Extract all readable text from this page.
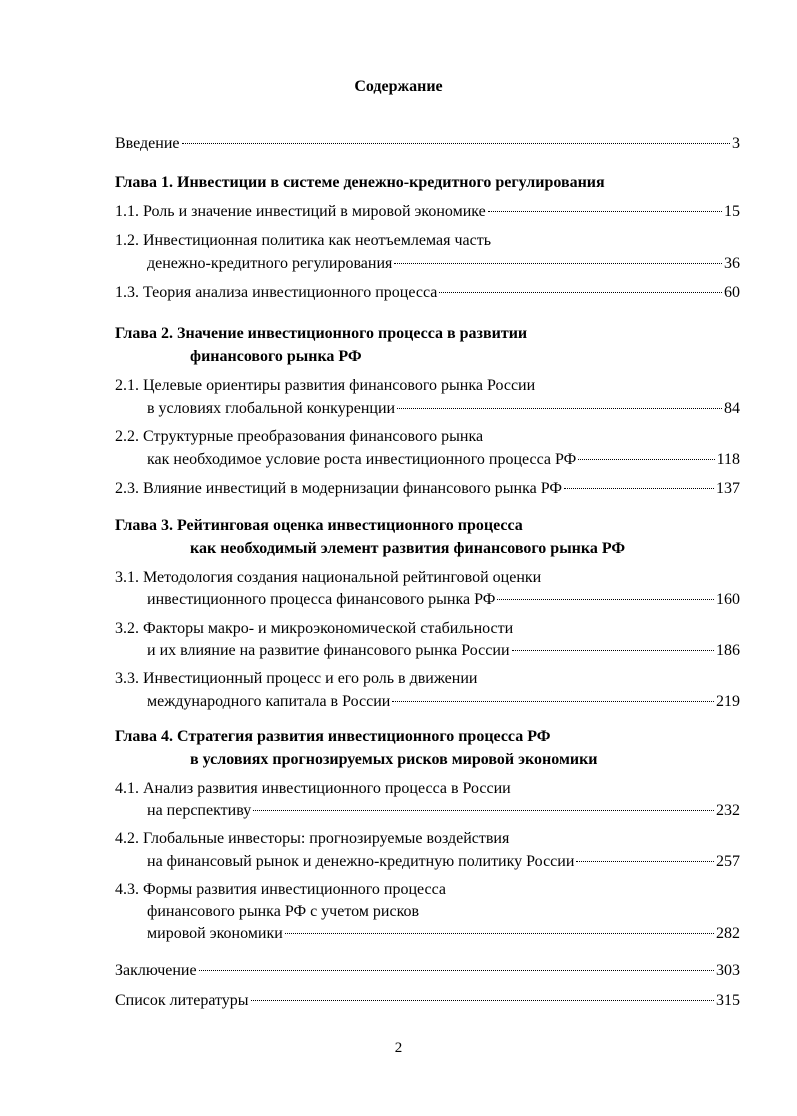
Содержание
Введение	3
Глава 1. Инвестиции в системе денежно-кредитного регулирования
1.1. Роль и значение инвестиций в мировой экономике	15
1.2. Инвестиционная политика как неотъемлемая часть
денежно-кредитного регулирования	36
1.3. Теория анализа инвестиционного процесса	60
Глава 2. Значение инвестиционного процесса в развитии
финансового рынка РФ
2.1. Целевые ориентиры развития финансового рынка России
в условиях глобальной конкуренции	84
2.2. Структурные преобразования финансового рынка
как необходимое условие роста инвестиционного процесса РФ	118
2.3. Влияние инвестиций в модернизации финансового рынка РФ	137
Глава 3. Рейтинговая оценка инвестиционного процесса
как необходимый элемент развития финансового рынка РФ
3.1. Методология создания национальной рейтинговой оценки
инвестиционного процесса финансового рынка РФ	160
3.2. Факторы макро- и микроэкономической стабильности
и их влияние на развитие финансового рынка России	186
3.3. Инвестиционный процесс и его роль в движении
международного капитала в России	219
Глава 4. Стратегия развития инвестиционного процесса РФ
в условиях прогнозируемых рисков мировой экономики
4.1. Анализ развития инвестиционного процесса в России
на перспективу	232
4.2. Глобальные инвесторы: прогнозируемые воздействия
на финансовый рынок и денежно-кредитную политику России	257
4.3. Формы развития инвестиционного процесса
финансового рынка РФ с учетом рисков
мировой экономики	282
Заключение	303
Список литературы	315
2
